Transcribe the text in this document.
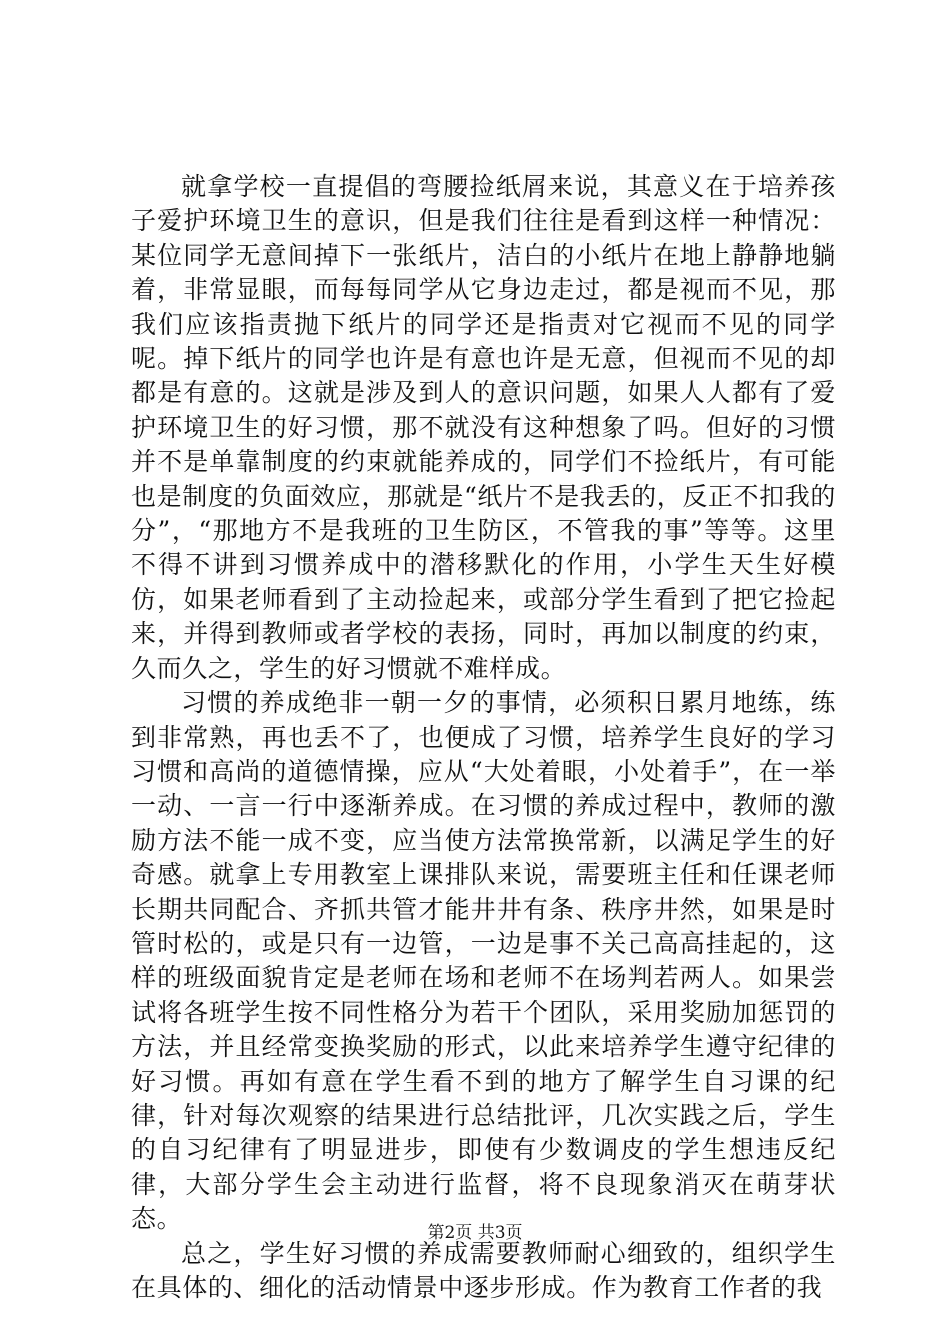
就拿学校一直提倡的弯腰捡纸屑来说，其意义在于培养孩子爱护环境卫生的意识，但是我们往往是看到这样一种情况：某位同学无意间掉下一张纸片，洁白的小纸片在地上静静地躺着，非常显眼，而每每同学从它身边走过，都是视而不见，那我们应该指责抛下纸片的同学还是指责对它视而不见的同学呢。掉下纸片的同学也许是有意也许是无意，但视而不见的却都是有意的。这就是涉及到人的意识问题，如果人人都有了爱护环境卫生的好习惯，那不就没有这种想象了吗。但好的习惯并不是单靠制度的约束就能养成的，同学们不捡纸片，有可能也是制度的负面效应，那就是“纸片不是我丢的，反正不扣我的分”，“那地方不是我班的卫生防区，不管我的事”等等。这里不得不讲到习惯养成中的潜移默化的作用，小学生天生好模仿，如果老师看到了主动捡起来，或部分学生看到了把它捡起来，并得到教师或者学校的表扬，同时，再加以制度的约束，久而久之，学生的好习惯就不难样成。

习惯的养成绝非一朝一夕的事情，必须积日累月地练，练到非常熟，再也丢不了，也便成了习惯，培养学生良好的学习习惯和高尚的道德情操，应从“大处着眼，小处着手”，在一举一动、一言一行中逐渐养成。在习惯的养成过程中，教师的激励方法不能一成不变，应当使方法常换常新，以满足学生的好奇感。就拿上专用教室上课排队来说，需要班主任和任课老师长期共同配合、齐抓共管才能井井有条、秩序井然，如果是时管时松的，或是只有一边管，一边是事不关己高高挂起的，这样的班级面貌肯定是老师在场和老师不在场判若两人。如果尝试将各班学生按不同性格分为若干个团队，采用奖励加惩罚的方法，并且经常变换奖励的形式，以此来培养学生遵守纪律的好习惯。再如有意在学生看不到的地方了解学生自习课的纪律，针对每次观察的结果进行总结批评，几次实践之后，学生的自习纪律有了明显进步，即使有少数调皮的学生想违反纪律，大部分学生会主动进行监督，将不良现象消灭在萌芽状态。

总之，学生好习惯的养成需要教师耐心细致的，组织学生在具体的、细化的活动情景中逐步形成。作为教育工作者的我

第2页 共3页
